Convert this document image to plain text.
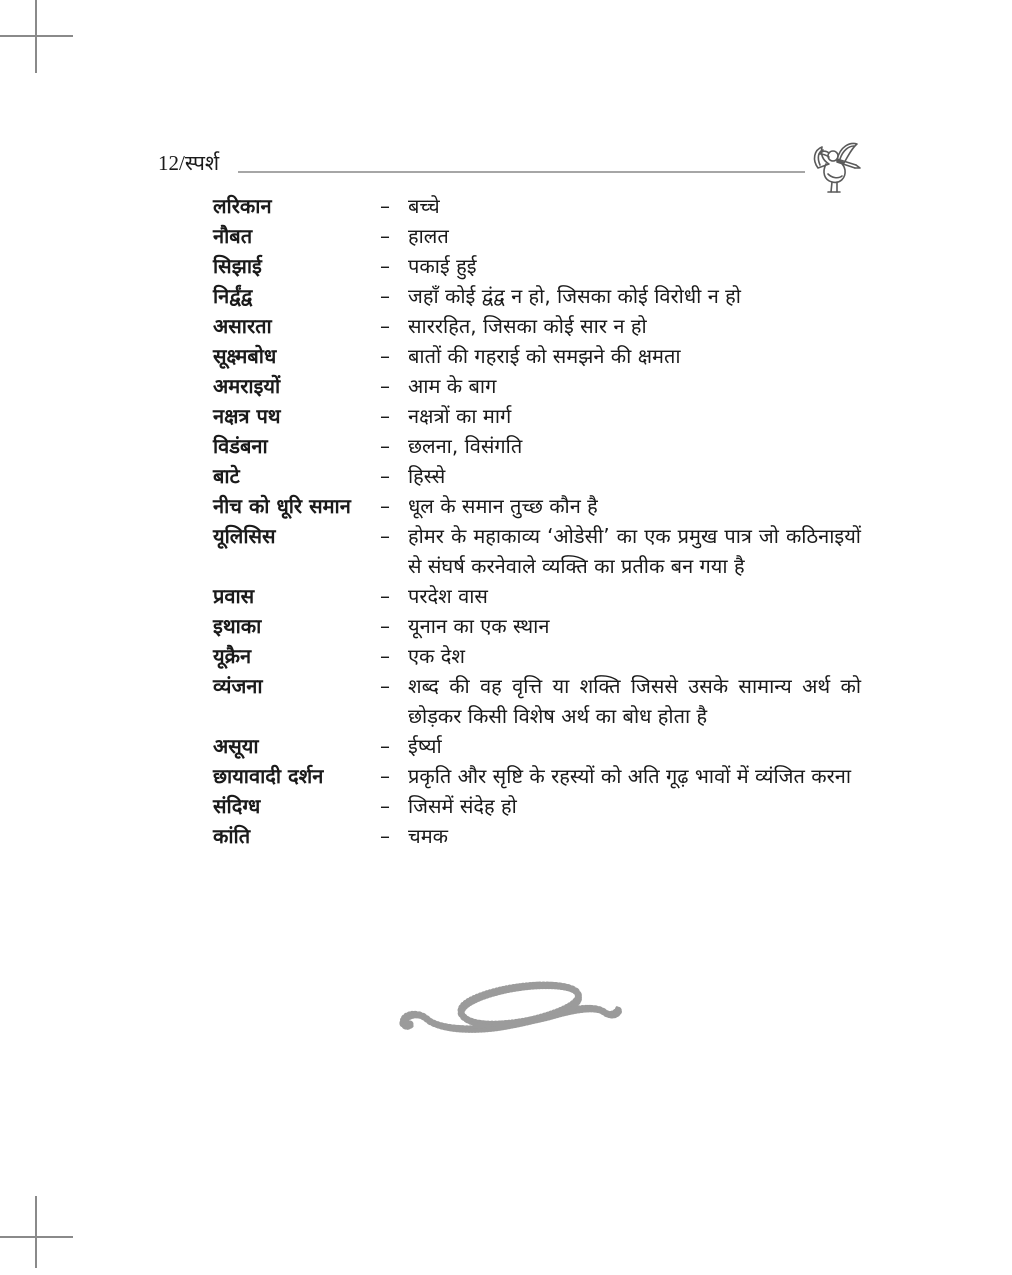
12/स्पर्श
लरिकान	– बच्चे
नौबत	– हालत
सिझाई	– पकाई हुई
निर्द्वंद्व	– जहाँ कोई द्वंद्व न हो, जिसका कोई विरोधी न हो
असारता	– साररहित, जिसका कोई सार न हो
सूक्ष्मबोध	– बातों की गहराई को समझने की क्षमता
अमराइयों	– आम के बाग
नक्षत्र पथ	– नक्षत्रों का मार्ग
विडंबना	– छलना, विसंगति
बाटे	– हिस्से
नीच को धूरि समान	– धूल के समान तुच्छ कौन है
यूलिसिस	– होमर के महाकाव्य ‘ओडेसी’ का एक प्रमुख पात्र जो कठिनाइयों से संघर्ष करनेवाले व्यक्ति का प्रतीक बन गया है
प्रवास	– परदेश वास
इथाका	– यूनान का एक स्थान
यूक्रैन	– एक देश
व्यंजना	– शब्द की वह वृत्ति या शक्ति जिससे उसके सामान्य अर्थ को छोड़कर किसी विशेष अर्थ का बोध होता है
असूया	– ईर्ष्या
छायावादी दर्शन	– प्रकृति और सृष्टि के रहस्यों को अति गूढ़ भावों में व्यंजित करना
संदिग्ध	– जिसमें संदेह हो
कांति	– चमक
